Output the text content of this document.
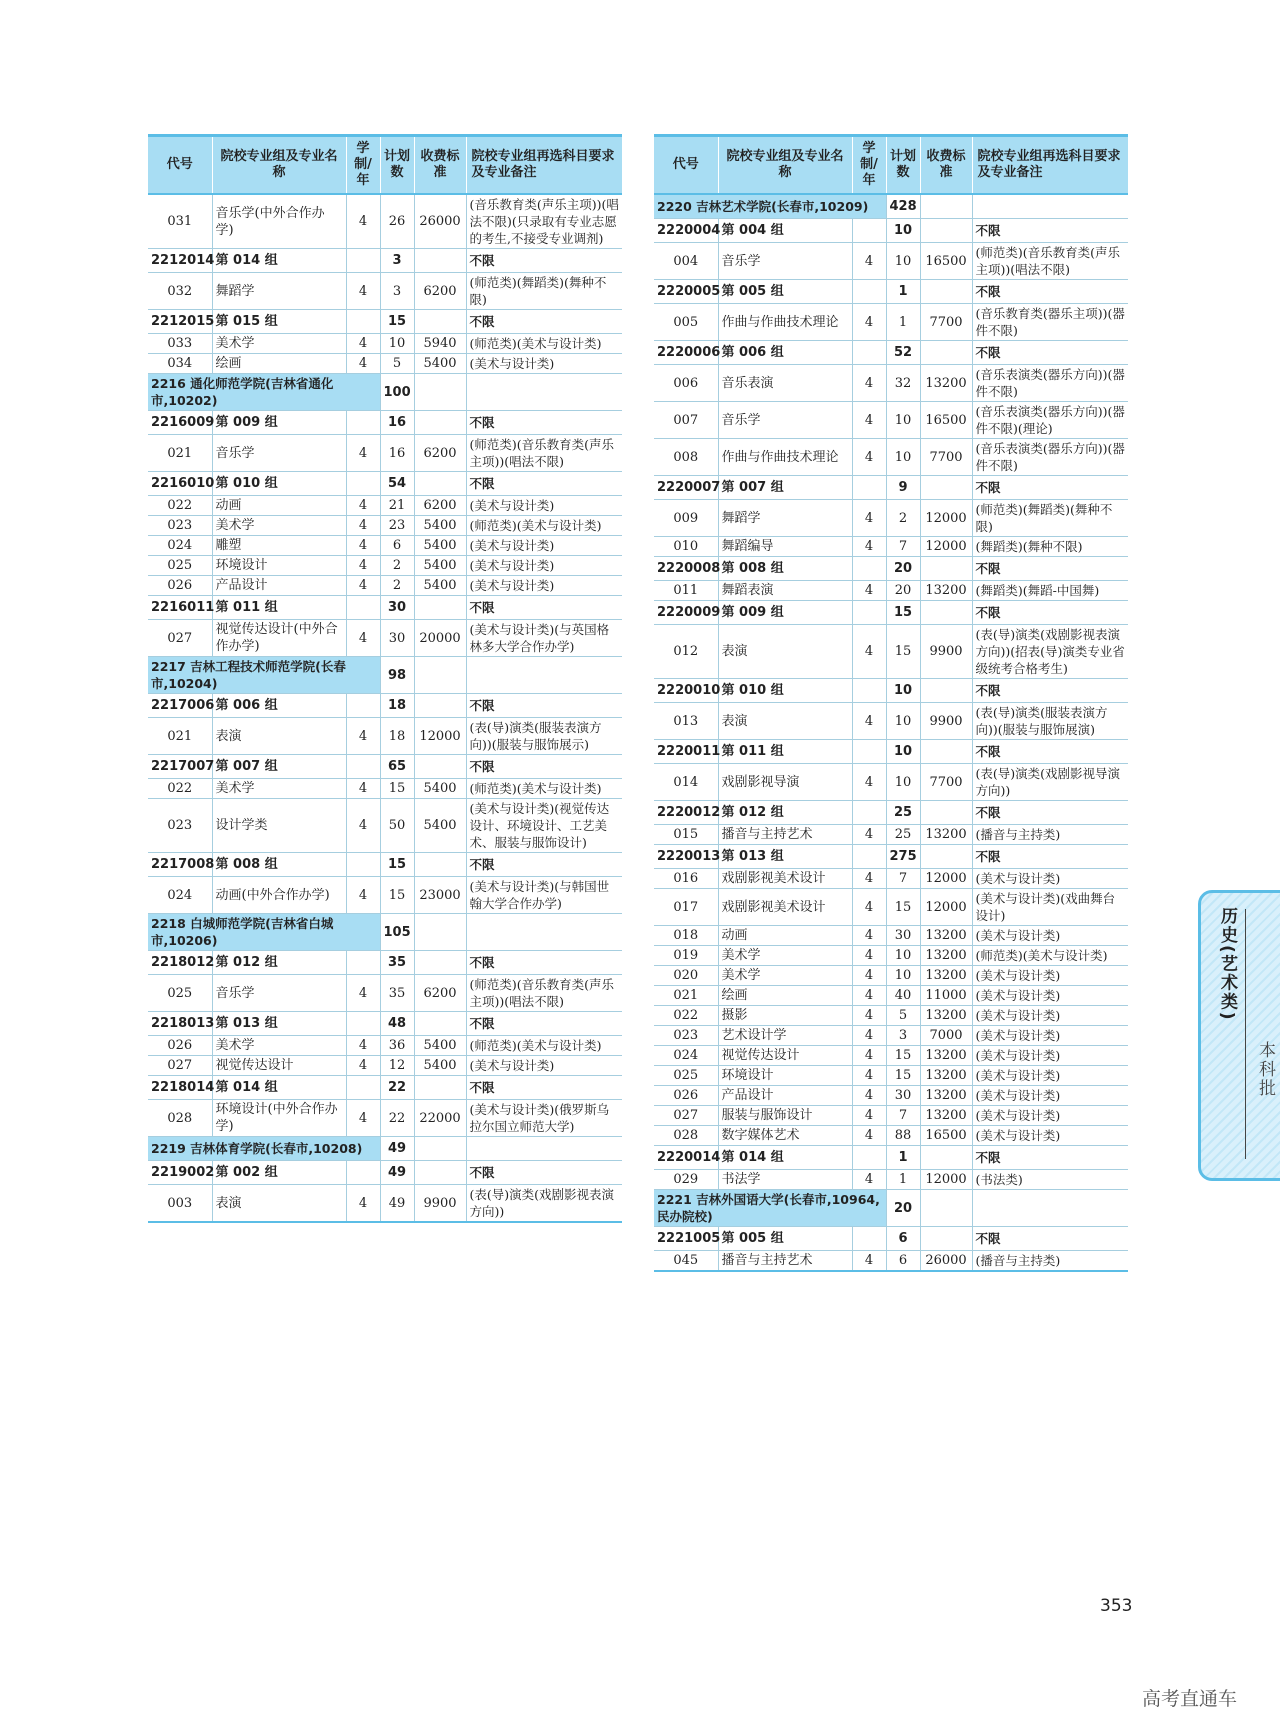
代号	院校专业组及专业名称	学制/年	计划数	收费标准	院校专业组再选科目要求及专业备注
031	音乐学(中外合作办学)	4	26	26000	(音乐教育类(声乐主项))(唱法不限)(只录取有专业志愿的考生,不接受专业调剂)
2212014	第 014 组		3		不限
032	舞蹈学	4	3	6200	(师范类)(舞蹈类)(舞种不限)
2212015	第 015 组		15		不限
033	美术学	4	10	5940	(师范类)(美术与设计类)
034	绘画	4	5	5400	(美术与设计类)
2216 通化师范学院(吉林省通化市,10202)			100		
2216009	第 009 组		16		不限
021	音乐学	4	16	6200	(师范类)(音乐教育类(声乐主项))(唱法不限)
2216010	第 010 组		54		不限
022	动画	4	21	6200	(美术与设计类)
023	美术学	4	23	5400	(师范类)(美术与设计类)
024	雕塑	4	6	5400	(美术与设计类)
025	环境设计	4	2	5400	(美术与设计类)
026	产品设计	4	2	5400	(美术与设计类)
2216011	第 011 组		30		不限
027	视觉传达设计(中外合作办学)	4	30	20000	(美术与设计类)(与英国格林多大学合作办学)
2217 吉林工程技术师范学院(长春市,10204)			98		
2217006	第 006 组		18		不限
021	表演	4	18	12000	(表(导)演类(服装表演方向))(服装与服饰展示)
2217007	第 007 组		65		不限
022	美术学	4	15	5400	(师范类)(美术与设计类)
023	设计学类	4	50	5400	(美术与设计类)(视觉传达设计、环境设计、工艺美术、服装与服饰设计)
2217008	第 008 组		15		不限
024	动画(中外合作办学)	4	15	23000	(美术与设计类)(与韩国世翰大学合作办学)
2218 白城师范学院(吉林省白城市,10206)			105		
2218012	第 012 组		35		不限
025	音乐学	4	35	6200	(师范类)(音乐教育类(声乐主项))(唱法不限)
2218013	第 013 组		48		不限
026	美术学	4	36	5400	(师范类)(美术与设计类)
027	视觉传达设计	4	12	5400	(美术与设计类)
2218014	第 014 组		22		不限
028	环境设计(中外合作办学)	4	22	22000	(美术与设计类)(俄罗斯乌拉尔国立师范大学)
2219 吉林体育学院(长春市,10208)			49		
2219002	第 002 组		49		不限
003	表演	4	49	9900	(表(导)演类(戏剧影视表演方向))
代号	院校专业组及专业名称	学制/年	计划数	收费标准	院校专业组再选科目要求及专业备注
2220 吉林艺术学院(长春市,10209)			428		
2220004	第 004 组		10		不限
004	音乐学	4	10	16500	(师范类)(音乐教育类(声乐主项))(唱法不限)
2220005	第 005 组		1		不限
005	作曲与作曲技术理论	4	1	7700	(音乐教育类(器乐主项))(器件不限)
2220006	第 006 组		52		不限
006	音乐表演	4	32	13200	(音乐表演类(器乐方向))(器件不限)
007	音乐学	4	10	16500	(音乐表演类(器乐方向))(器件不限)(理论)
008	作曲与作曲技术理论	4	10	7700	(音乐表演类(器乐方向))(器件不限)
2220007	第 007 组		9		不限
009	舞蹈学	4	2	12000	(师范类)(舞蹈类)(舞种不限)
010	舞蹈编导	4	7	12000	(舞蹈类)(舞种不限)
2220008	第 008 组		20		不限
011	舞蹈表演	4	20	13200	(舞蹈类)(舞蹈-中国舞)
2220009	第 009 组		15		不限
012	表演	4	15	9900	(表(导)演类(戏剧影视表演方向))(招表(导)演类专业省级统考合格考生)
2220010	第 010 组		10		不限
013	表演	4	10	9900	(表(导)演类(服装表演方向))(服装与服饰展演)
2220011	第 011 组		10		不限
014	戏剧影视导演	4	10	7700	(表(导)演类(戏剧影视导演方向))
2220012	第 012 组		25		不限
015	播音与主持艺术	4	25	13200	(播音与主持类)
2220013	第 013 组		275		不限
016	戏剧影视美术设计	4	7	12000	(美术与设计类)
017	戏剧影视美术设计	4	15	12000	(美术与设计类)(戏曲舞台设计)
018	动画	4	30	13200	(美术与设计类)
019	美术学	4	10	13200	(师范类)(美术与设计类)
020	美术学	4	10	13200	(美术与设计类)
021	绘画	4	40	11000	(美术与设计类)
022	摄影	4	5	13200	(美术与设计类)
023	艺术设计学	4	3	7000	(美术与设计类)
024	视觉传达设计	4	15	13200	(美术与设计类)
025	环境设计	4	15	13200	(美术与设计类)
026	产品设计	4	30	13200	(美术与设计类)
027	服装与服饰设计	4	7	13200	(美术与设计类)
028	数字媒体艺术	4	88	16500	(美术与设计类)
2220014	第 014 组		1		不限
029	书法学	4	1	12000	(书法类)
2221 吉林外国语大学(长春市,10964,民办院校)			20		
2221005	第 005 组		6		不限
045	播音与主持艺术	4	6	26000	(播音与主持类)
历史(艺术类)
本科批
353
高考直通车
